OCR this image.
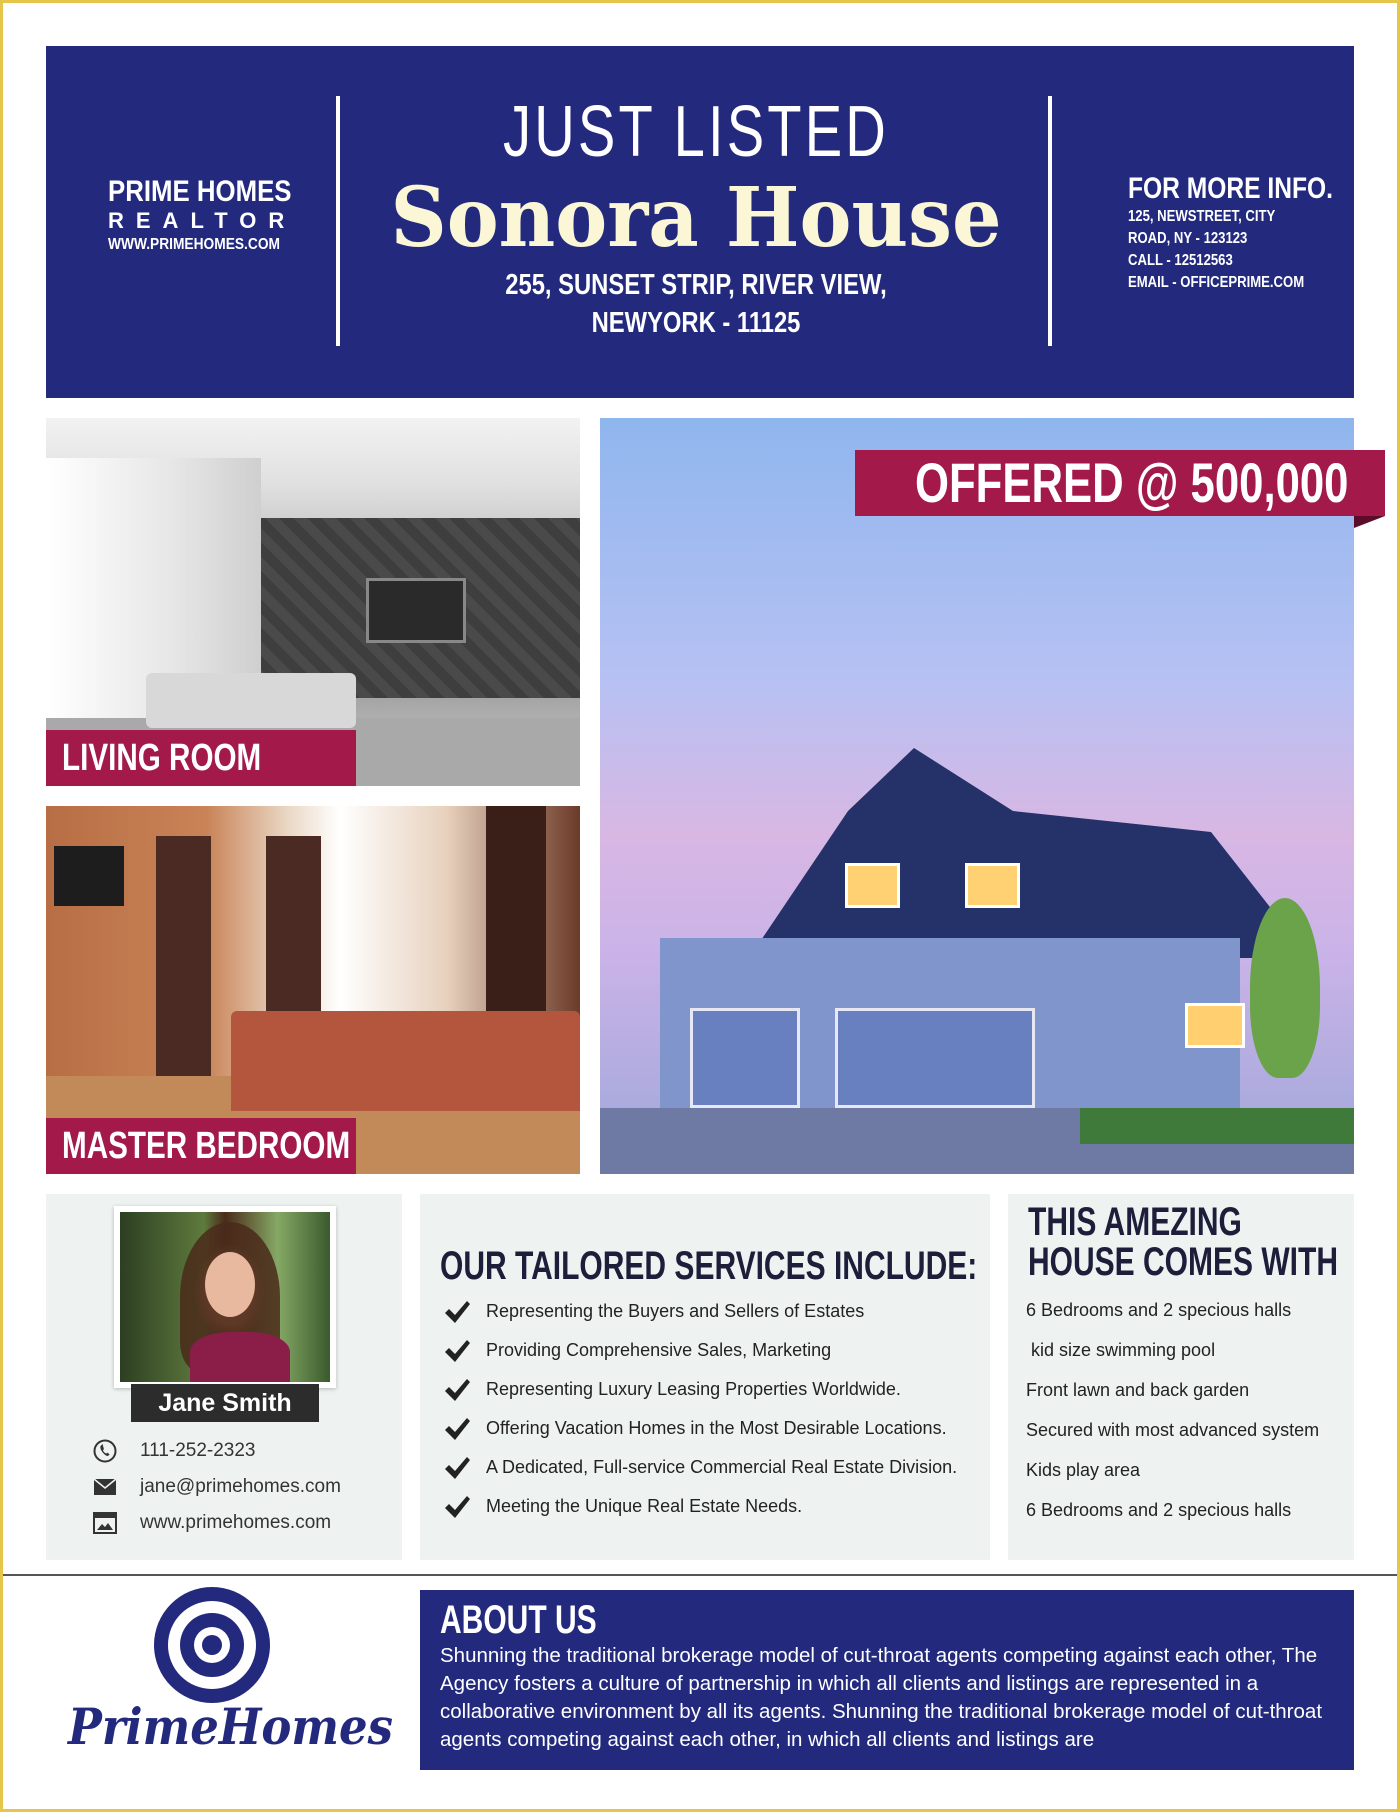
PRIME HOMES
REALTOR
WWW.PRIMEHOMES.COM
JUST LISTED
Sonora House
255, SUNSET STRIP, RIVER VIEW,
NEWYORK - 11125
FOR MORE INFO.
125, NEWSTREET, CITY
ROAD, NY - 123123
CALL - 12512563
EMAIL - OFFICEPRIME.COM
LIVING ROOM
MASTER BEDROOM
OFFERED @ 500,000
Jane Smith
111-252-2323
jane@primehomes.com
www.primehomes.com
OUR TAILORED SERVICES INCLUDE:
Representing the Buyers and Sellers of Estates
Providing Comprehensive Sales, Marketing
Representing Luxury Leasing Properties Worldwide.
Offering Vacation Homes in the Most Desirable Locations.
A Dedicated, Full-service Commercial Real Estate Division.
Meeting the Unique Real Estate Needs.
THIS AMEZING
HOUSE COMES WITH
6 Bedrooms and 2 specious halls
kid size swimming pool
Front lawn and back garden
Secured with most advanced system
Kids play area
6 Bedrooms and 2 specious halls
PrimeHomes
ABOUT US
Shunning the traditional brokerage model of cut-throat agents competing against each other, The Agency fosters a culture of partnership in which all clients and listings are represented in a collaborative environment by all its agents. Shunning the traditional brokerage model of cut-throat agents competing against each other, in which all clients and listings are
